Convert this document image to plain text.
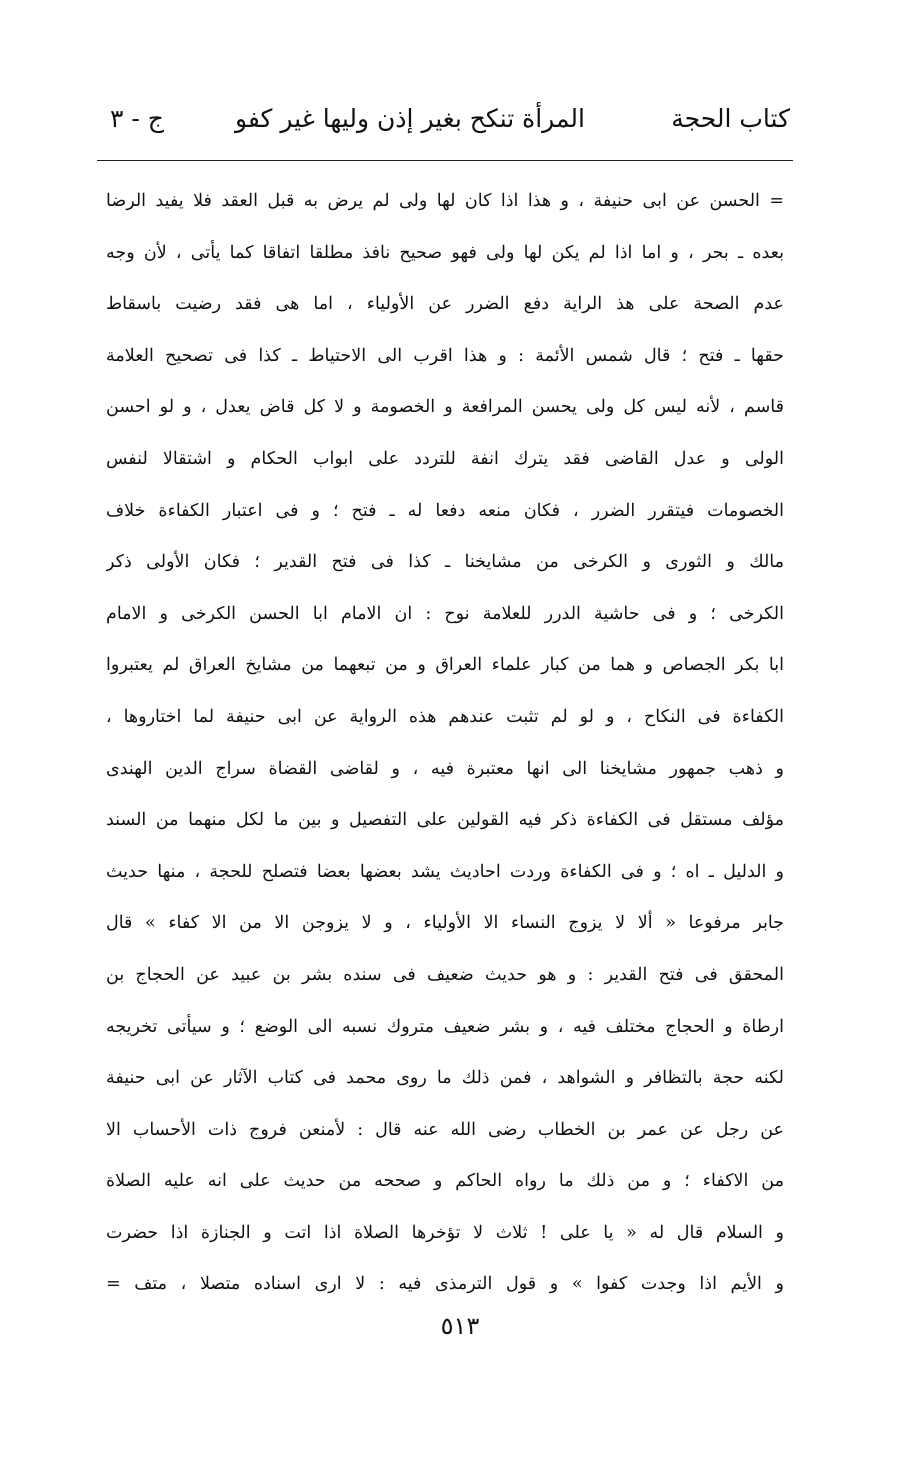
كتاب الحجة
المرأة تنكح بغير إذن وليها غير كفو
ج - ٣
= الحسن عن ابى حنيفة ، و هذا اذا كان لها ولى لم يرض به قبل العقد فلا يفيد الرضا
بعده ـ بحر ، و اما اذا لم يكن لها ولى فهو صحيح نافذ مطلقا اتفاقا كما يأتى ، لأن وجه
عدم الصحة على هذ الراية دفع الضرر عن الأولياء ، اما هى فقد رضيت باسقاط
حقها ـ فتح ؛ قال شمس الأئمة : و هذا اقرب الى الاحتياط ـ كذا فى تصحيح العلامة
قاسم ، لأنه ليس كل ولى يحسن المرافعة و الخصومة و لا كل قاض يعدل ، و لو احسن
الولى و عدل القاضى فقد يترك انفة للتردد على ابواب الحكام و اشتقالا لنفس
الخصومات فيتقرر الضرر ، فكان منعه دفعا له ـ فتح ؛ و فى اعتبار الكفاءة خلاف
مالك و الثورى و الكرخى من مشايخنا ـ كذا فى فتح القدير ؛ فكان الأولى ذكر
الكرخى ؛ و فى حاشية الدرر للعلامة نوح : ان الامام ابا الحسن الكرخى و الامام
ابا بكر الجصاص و هما من كبار علماء العراق و من تبعهما من مشايخ العراق لم يعتبروا
الكفاءة فى النكاح ، و لو لم تثبت عندهم هذه الرواية عن ابى حنيفة لما اختاروها ،
و ذهب جمهور مشايخنا الى انها معتبرة فيه ، و لقاضى القضاة سراج الدين الهندى
مؤلف مستقل فى الكفاءة ذكر فيه القولين على التفصيل و بين ما لكل منهما من السند
و الدليل ـ اه ؛ و فى الكفاءة وردت احاديث يشد بعضها بعضا فتصلح للحجة ، منها حديث
جابر مرفوعا « ألا لا يزوج النساء الا الأولياء ، و لا يزوجن الا من الا كفاء » قال
المحقق فى فتح القدير : و هو حديث ضعيف فى سنده بشر بن عبيد عن الحجاج بن
ارطاة و الحجاج مختلف فيه ، و بشر ضعيف متروك نسبه الى الوضع ؛ و سيأتى تخريجه
لكنه حجة بالتظافر و الشواهد ، فمن ذلك ما روى محمد فى كتاب الآثار عن ابى حنيفة
عن رجل عن عمر بن الخطاب رضى الله عنه قال : لأمنعن فروج ذات الأحساب الا
من الاكفاء ؛ و من ذلك ما رواه الحاكم و صححه من حديث على انه عليه الصلاة
و السلام قال له « يا على ! ثلاث لا تؤخرها الصلاة اذا اتت و الجنازة اذا حضرت
و الأيم اذا وجدت كفوا » و قول الترمذى فيه : لا ارى اسناده متصلا ، متف =
٥١٣
